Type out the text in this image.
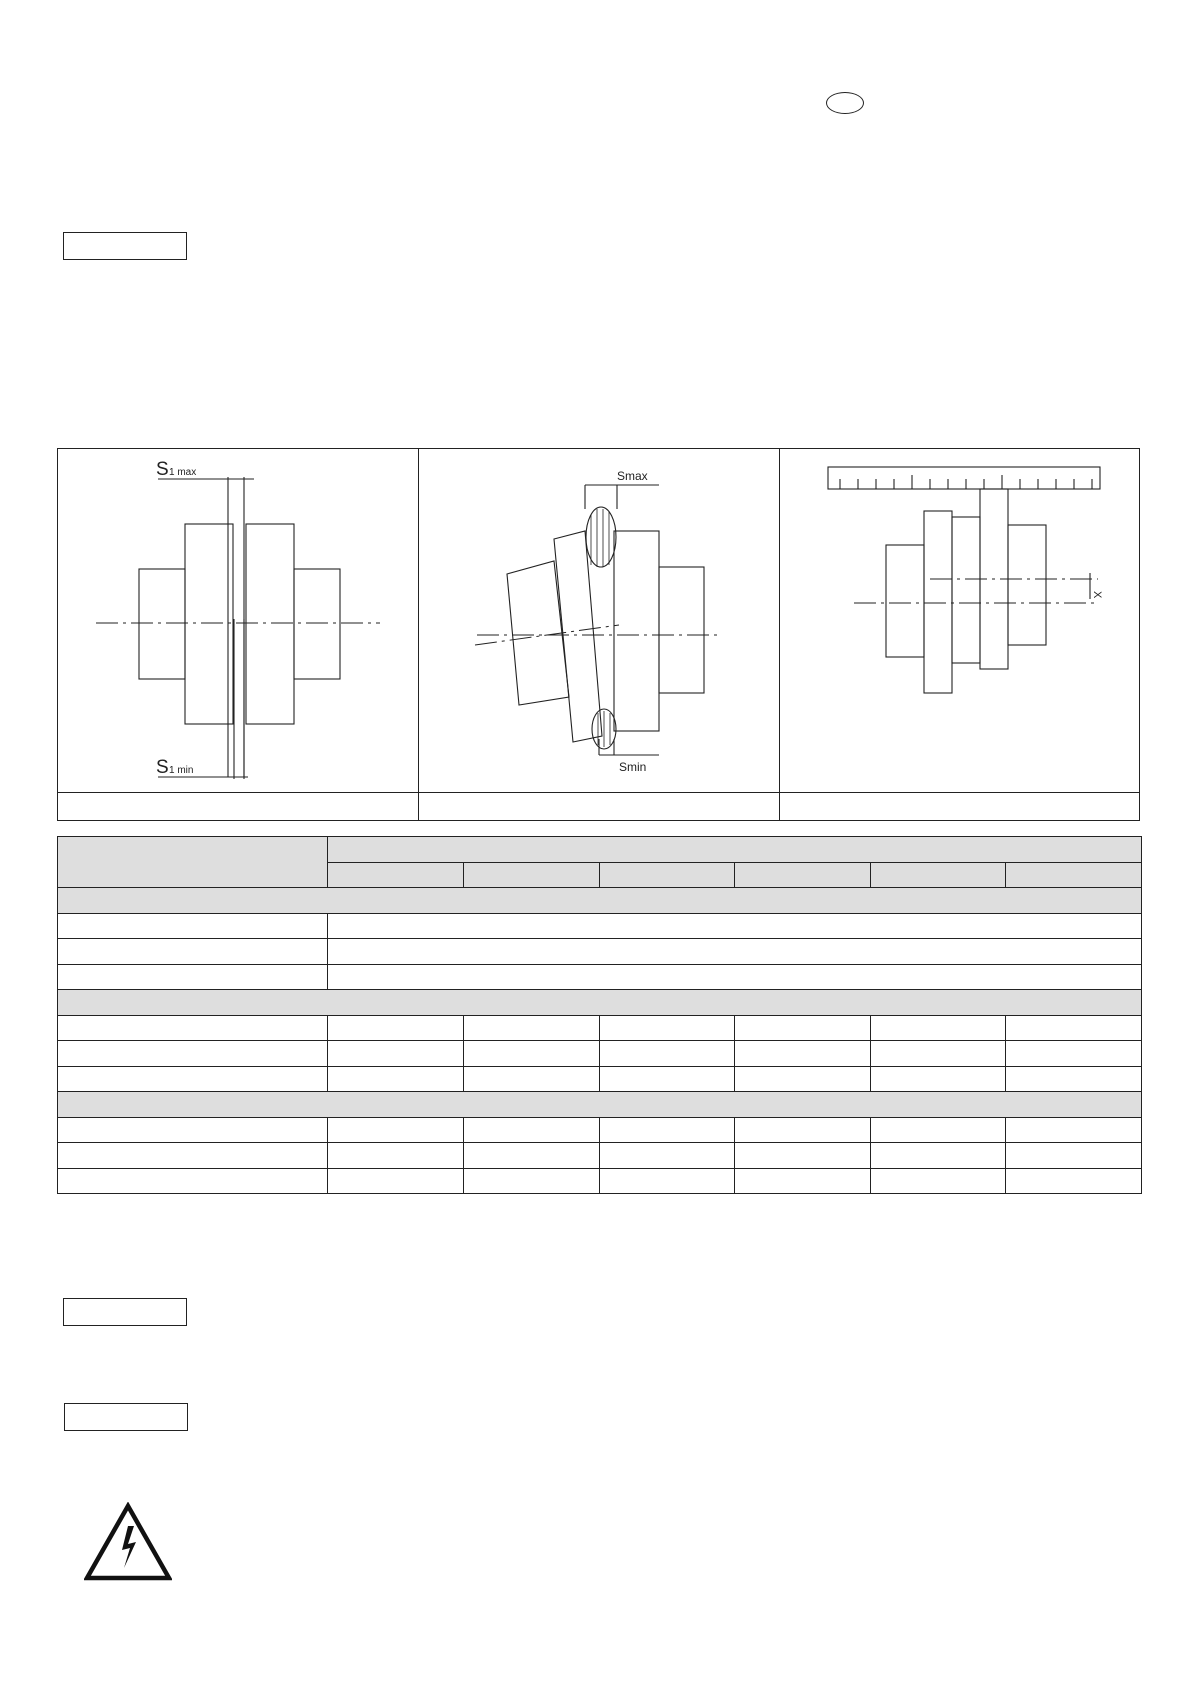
S 1 max
S 1 min
Smax
Smin
X
